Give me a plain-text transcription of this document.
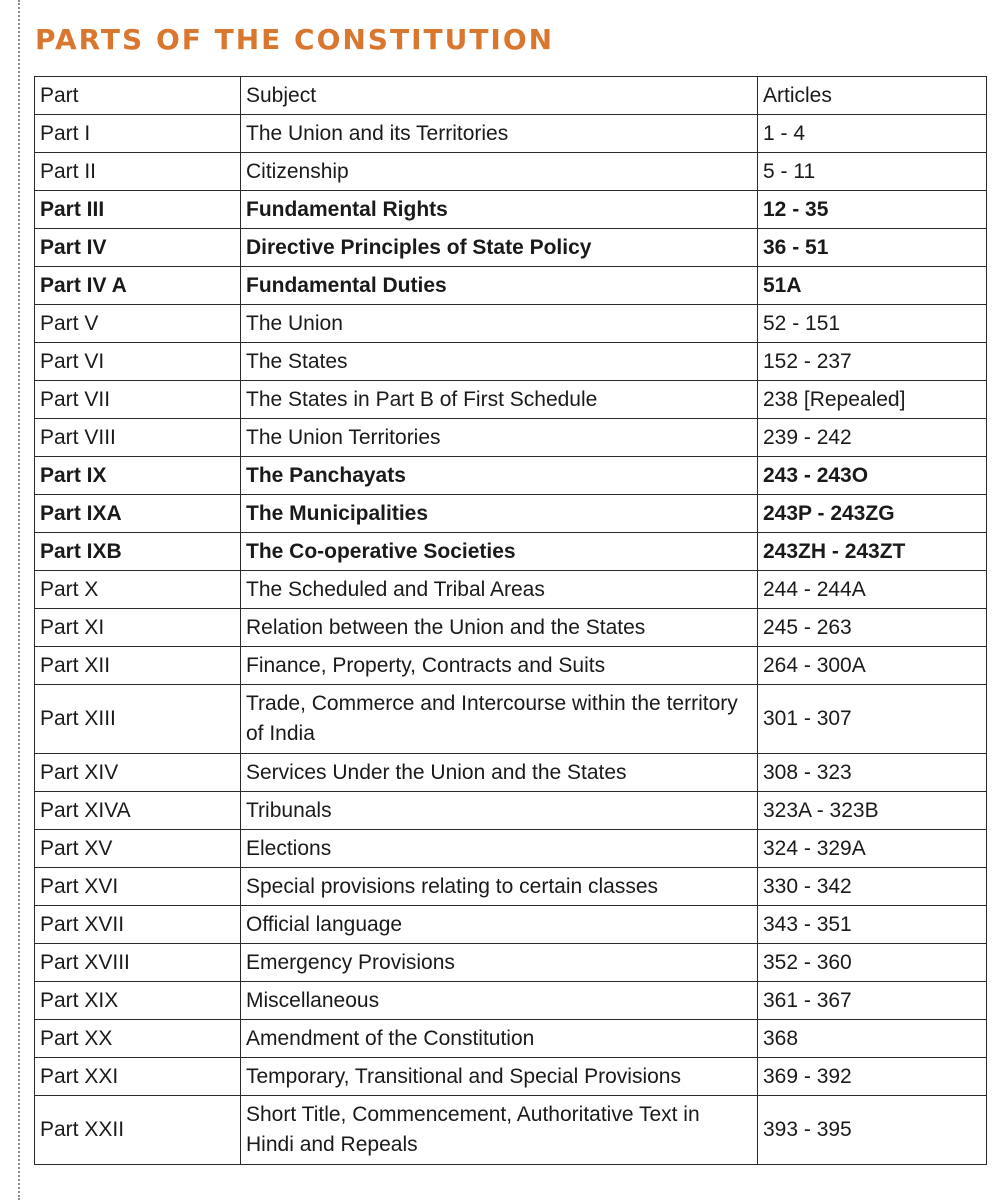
PARTS OF THE CONSTITUTION
Part	Subject	Articles
Part I	The Union and its Territories	1 - 4
Part II	Citizenship	5 - 11
Part III	Fundamental Rights	12 - 35
Part IV	Directive Principles of State Policy	36 - 51
Part IV A	Fundamental Duties	51A
Part V	The Union	52 - 151
Part VI	The States	152 - 237
Part VII	The States in Part B of First Schedule	238 [Repealed]
Part VIII	The Union Territories	239 - 242
Part IX	The Panchayats	243 - 243O
Part IXA	The Municipalities	243P - 243ZG
Part IXB	The Co-operative Societies	243ZH - 243ZT
Part X	The Scheduled and Tribal Areas	244 - 244A
Part XI	Relation between the Union and the States	245 - 263
Part XII	Finance, Property, Contracts and Suits	264 - 300A
Part XIII	Trade, Commerce and Intercourse within the territory of India	301 - 307
Part XIV	Services Under the Union and the States	308 - 323
Part XIVA	Tribunals	323A - 323B
Part XV	Elections	324 - 329A
Part XVI	Special provisions relating to certain classes	330 - 342
Part XVII	Official language	343 - 351
Part XVIII	Emergency Provisions	352 - 360
Part XIX	Miscellaneous	361 - 367
Part XX	Amendment of the Constitution	368
Part XXI	Temporary, Transitional and Special Provisions	369 - 392
Part XXII	Short Title, Commencement, Authoritative Text in Hindi and Repeals	393 - 395
